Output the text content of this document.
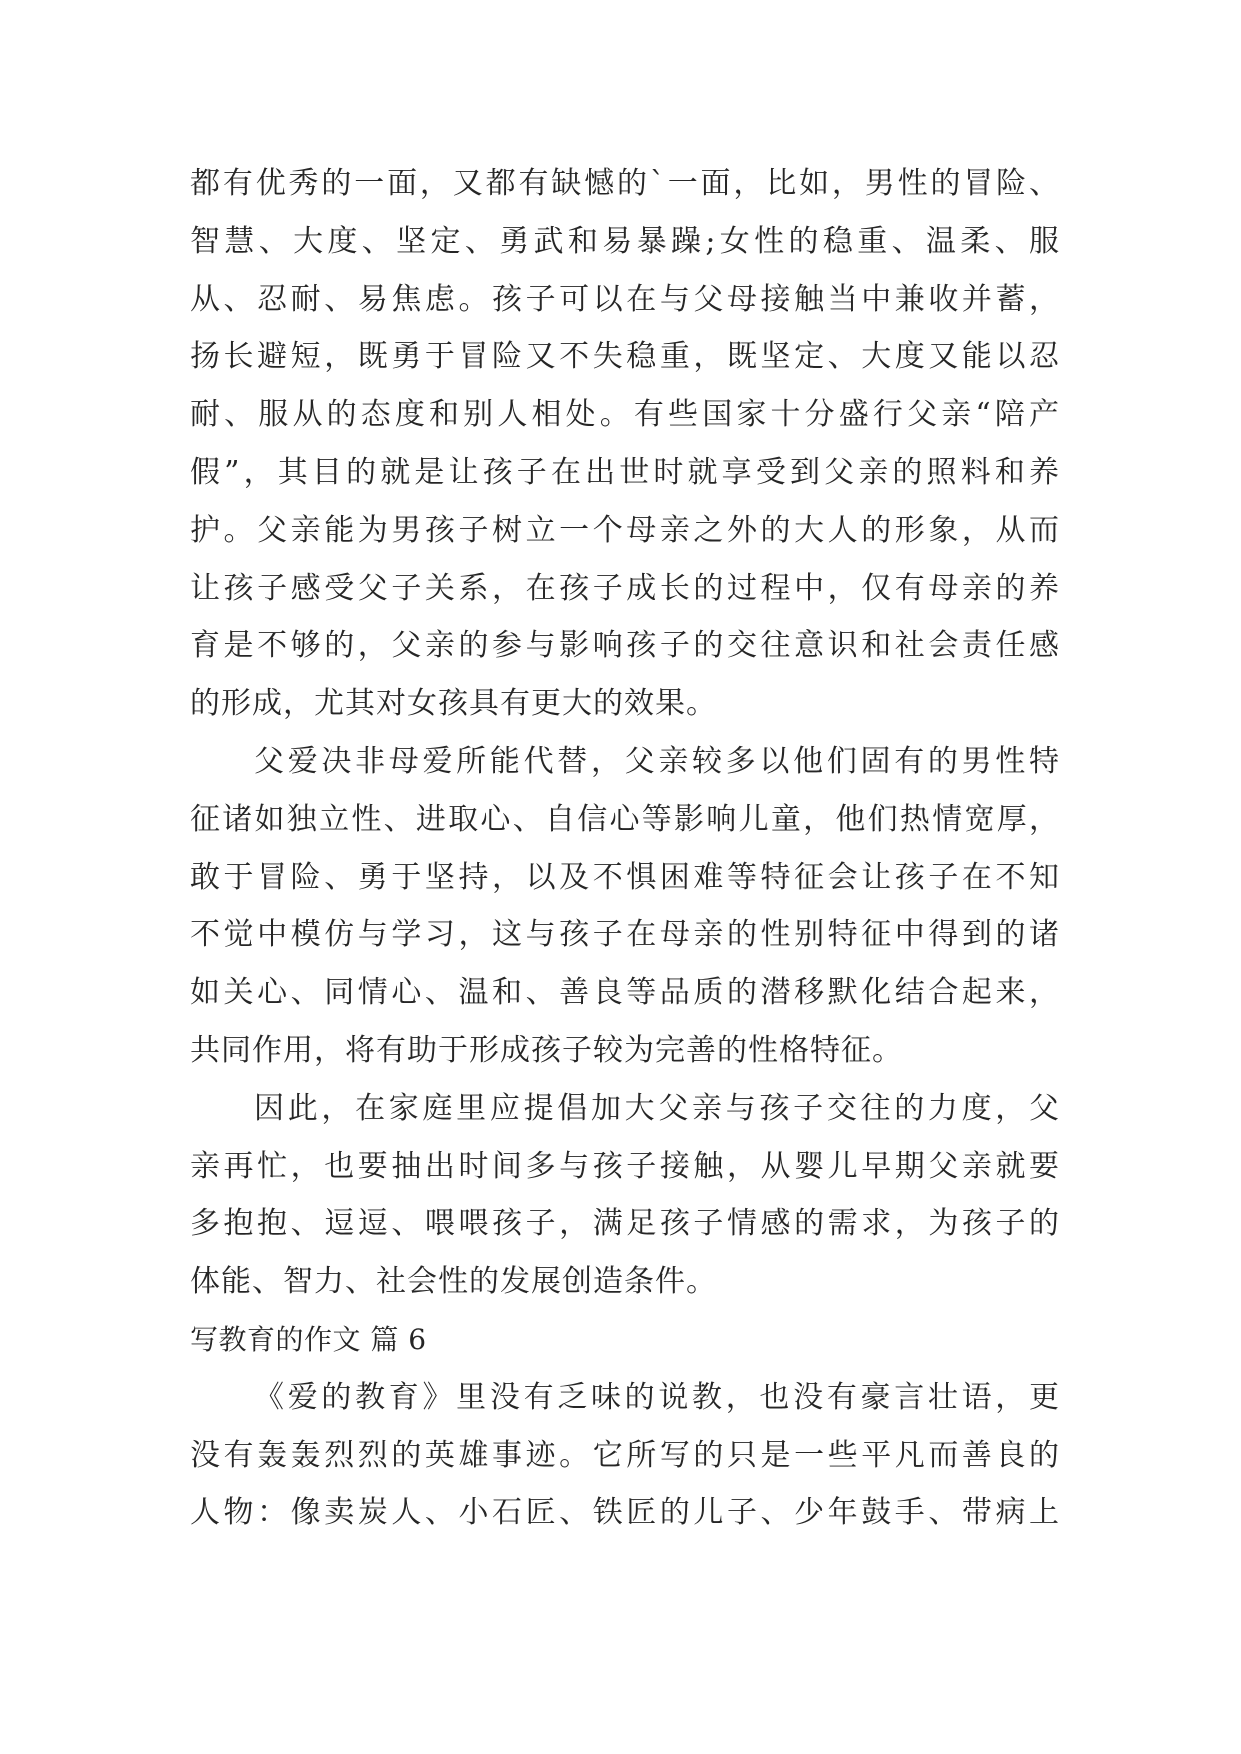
都有优秀的一面，又都有缺憾的`一面，比如，男性的冒险、
智慧、大度、坚定、勇武和易暴躁;女性的稳重、温柔、服
从、忍耐、易焦虑。孩子可以在与父母接触当中兼收并蓄，
扬长避短，既勇于冒险又不失稳重，既坚定、大度又能以忍
耐、服从的态度和别人相处。有些国家十分盛行父亲“陪产
假”，其目的就是让孩子在出世时就享受到父亲的照料和养
护。父亲能为男孩子树立一个母亲之外的大人的形象，从而
让孩子感受父子关系，在孩子成长的过程中，仅有母亲的养
育是不够的，父亲的参与影响孩子的交往意识和社会责任感
的形成，尤其对女孩具有更大的效果。
父爱决非母爱所能代替，父亲较多以他们固有的男性特
征诸如独立性、进取心、自信心等影响儿童，他们热情宽厚，
敢于冒险、勇于坚持，以及不惧困难等特征会让孩子在不知
不觉中模仿与学习，这与孩子在母亲的性别特征中得到的诸
如关心、同情心、温和、善良等品质的潜移默化结合起来，
共同作用，将有助于形成孩子较为完善的性格特征。
因此，在家庭里应提倡加大父亲与孩子交往的力度，父
亲再忙，也要抽出时间多与孩子接触，从婴儿早期父亲就要
多抱抱、逗逗、喂喂孩子，满足孩子情感的需求，为孩子的
体能、智力、社会性的发展创造条件。
写教育的作文 篇 6
《爱的教育》里没有乏味的说教，也没有豪言壮语，更
没有轰轰烈烈的英雄事迹。它所写的只是一些平凡而善良的
人物：像卖炭人、小石匠、铁匠的儿子、少年鼓手、带病上
